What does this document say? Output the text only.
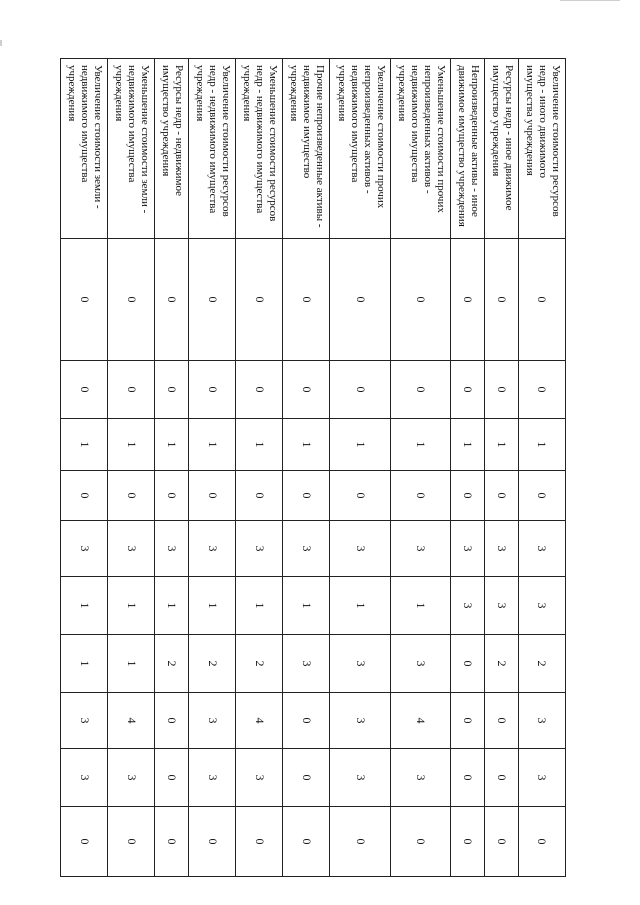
Увеличение стоимости ресурсов недр - иного движимого имущества учреждения	0	0	1	0	3	3	2	3	3	0
Ресурсы недр - иное движимое имущество учреждения	0	0	1	0	3	3	2	0	0	0
Непроизведенные активы - иное движимое имущество учреждения	0	0	1	0	3	3	0	0	0	0
Уменьшение стоимости прочих непроизведенных активов - недвижимого имущества учреждения	0	0	1	0	3	1	3	4	3	0
Увеличение стоимости прочих непроизведенных активов - недвижимого имущества учреждения	0	0	1	0	3	1	3	3	3	0
Прочие непроизведенные активы - недвижимое имущество учреждения	0	0	1	0	3	1	3	0	0	0
Уменьшение стоимости ресурсов недр - недвижимого имущества учреждения	0	0	1	0	3	1	2	4	3	0
Увеличение стоимости ресурсов недр - недвижимого имущества учреждения	0	0	1	0	3	1	2	3	3	0
Ресурсы недр - недвижимое имущество учреждения	0	0	1	0	3	1	2	0	0	0
Уменьшение стоимости земли - недвижимого имущества учреждения	0	0	1	0	3	1	1	4	3	0
Увеличение стоимости земли - недвижимого имущества учреждения	0	0	1	0	3	1	1	3	3	0
